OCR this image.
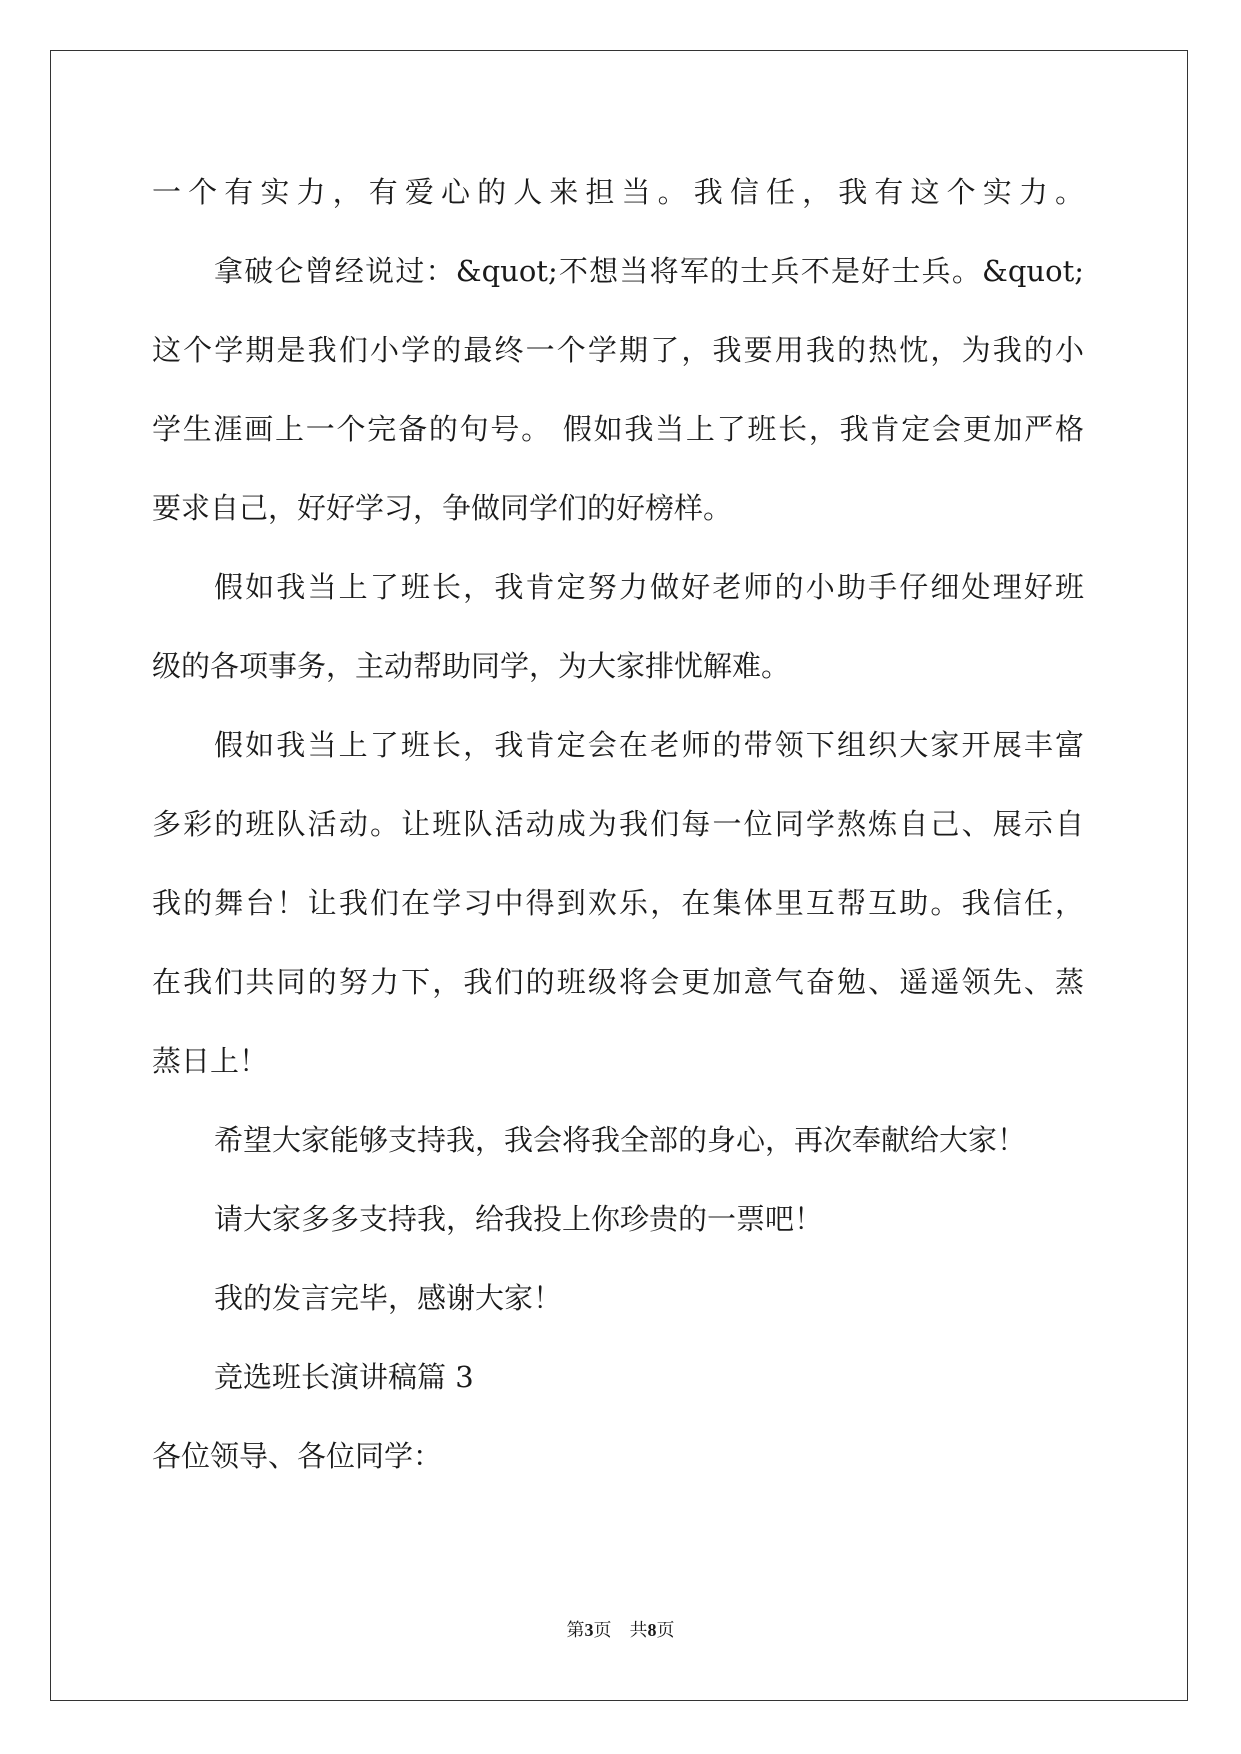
一个有实力，有爱心的人来担当。我信任，我有这个实力。
拿破仑曾经说过：&quot;不想当将军的士兵不是好士兵。&quot;
这个学期是我们小学的最终一个学期了，我要用我的热忱，为我的小
学生涯画上一个完备的句号。 假如我当上了班长，我肯定会更加严格
要求自己，好好学习，争做同学们的好榜样。
假如我当上了班长，我肯定努力做好老师的小助手仔细处理好班
级的各项事务，主动帮助同学，为大家排忧解难。
假如我当上了班长，我肯定会在老师的带领下组织大家开展丰富
多彩的班队活动。让班队活动成为我们每一位同学熬炼自己、展示自
我的舞台！让我们在学习中得到欢乐，在集体里互帮互助。我信任，
在我们共同的努力下，我们的班级将会更加意气奋勉、遥遥领先、蒸
蒸日上！
希望大家能够支持我，我会将我全部的身心，再次奉献给大家！
请大家多多支持我，给我投上你珍贵的一票吧！
我的发言完毕，感谢大家！
竞选班长演讲稿篇 3
各位领导、各位同学：
第3页 共8页
